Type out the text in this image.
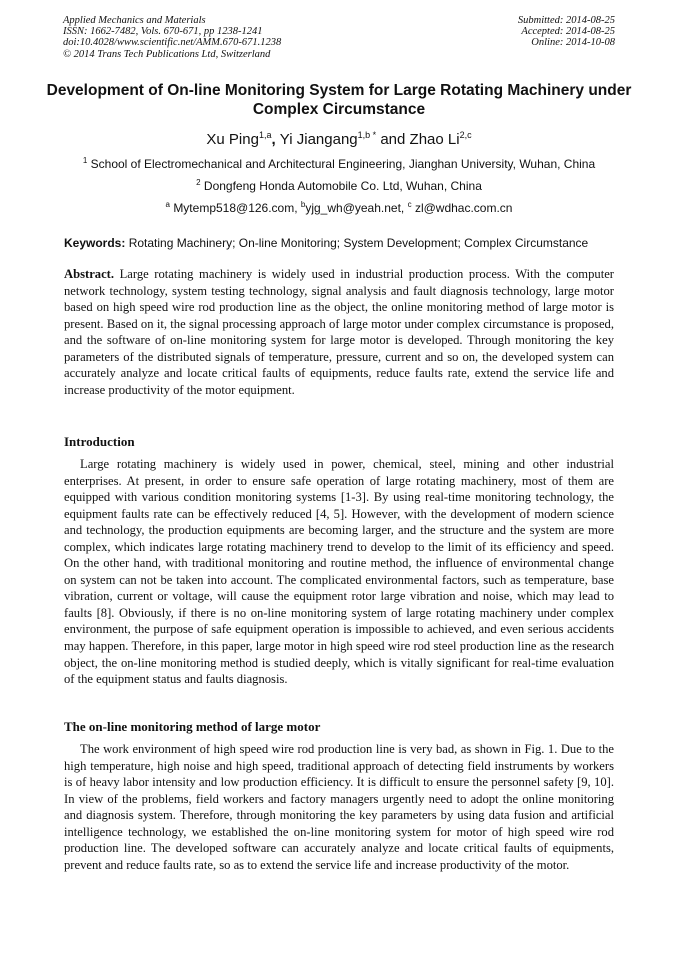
Applied Mechanics and Materials
ISSN: 1662-7482, Vols. 670-671, pp 1238-1241
doi:10.4028/www.scientific.net/AMM.670-671.1238
© 2014 Trans Tech Publications Ltd, Switzerland
Submitted: 2014-08-25
Accepted: 2014-08-25
Online: 2014-10-08
Development of On-line Monitoring System for Large Rotating Machinery under Complex Circumstance
Xu Ping$^{1,a}$, Yi Jiangang$^{1,b *}$ and Zhao Li$^{2,c}$
$^1$ School of Electromechanical and Architectural Engineering, Jianghan University, Wuhan, China
$^2$ Dongfeng Honda Automobile Co. Ltd, Wuhan, China
$^a$ Mytemp518@126.com, $^b$yjg_wh@yeah.net, $^c$ zl@wdhac.com.cn
Keywords: Rotating Machinery; On-line Monitoring; System Development; Complex Circumstance
Abstract. Large rotating machinery is widely used in industrial production process. With the computer network technology, system testing technology, signal analysis and fault diagnosis technology, large motor based on high speed wire rod production line as the object, the online monitoring method of large motor is present. Based on it, the signal processing approach of large motor under complex circumstance is proposed, and the software of on-line monitoring system for large motor is developed. Through monitoring the key parameters of the distributed signals of temperature, pressure, current and so on, the developed system can accurately analyze and locate critical faults of equipments, reduce faults rate, extend the service life and increase productivity of the motor equipment.
Introduction
Large rotating machinery is widely used in power, chemical, steel, mining and other industrial enterprises. At present, in order to ensure safe operation of large rotating machinery, most of them are equipped with various condition monitoring systems [1-3]. By using real-time monitoring technology, the equipment faults rate can be effectively reduced [4, 5]. However, with the development of modern science and technology, the production equipments are becoming larger, and the structure and the system are more complex, which indicates large rotating machinery trend to develop to the limit of its efficiency and speed. On the other hand, with traditional monitoring and routine method, the influence of environmental change on system can not be taken into account. The complicated environmental factors, such as temperature, base vibration, current or voltage, will cause the equipment rotor large vibration and noise, which may lead to faults [8]. Obviously, if there is no on-line monitoring system of large rotating machinery under complex environment, the purpose of safe equipment operation is impossible to achieved, and even serious accidents may happen. Therefore, in this paper, large motor in high speed wire rod steel production line as the research object, the on-line monitoring method is studied deeply, which is vitally significant for real-time evaluation of the equipment status and faults diagnosis.
The on-line monitoring method of large motor
The work environment of high speed wire rod production line is very bad, as shown in Fig. 1. Due to the high temperature, high noise and high speed, traditional approach of detecting field instruments by workers is of heavy labor intensity and low production efficiency. It is difficult to ensure the personnel safety [9, 10]. In view of the problems, field workers and factory managers urgently need to adopt the online monitoring and diagnosis system. Therefore, through monitoring the key parameters by using data fusion and artificial intelligence technology, we established the on-line monitoring system for motor of high speed wire rod production line. The developed software can accurately analyze and locate critical faults of equipments, prevent and reduce faults rate, so as to extend the service life and increase productivity of the motor.
